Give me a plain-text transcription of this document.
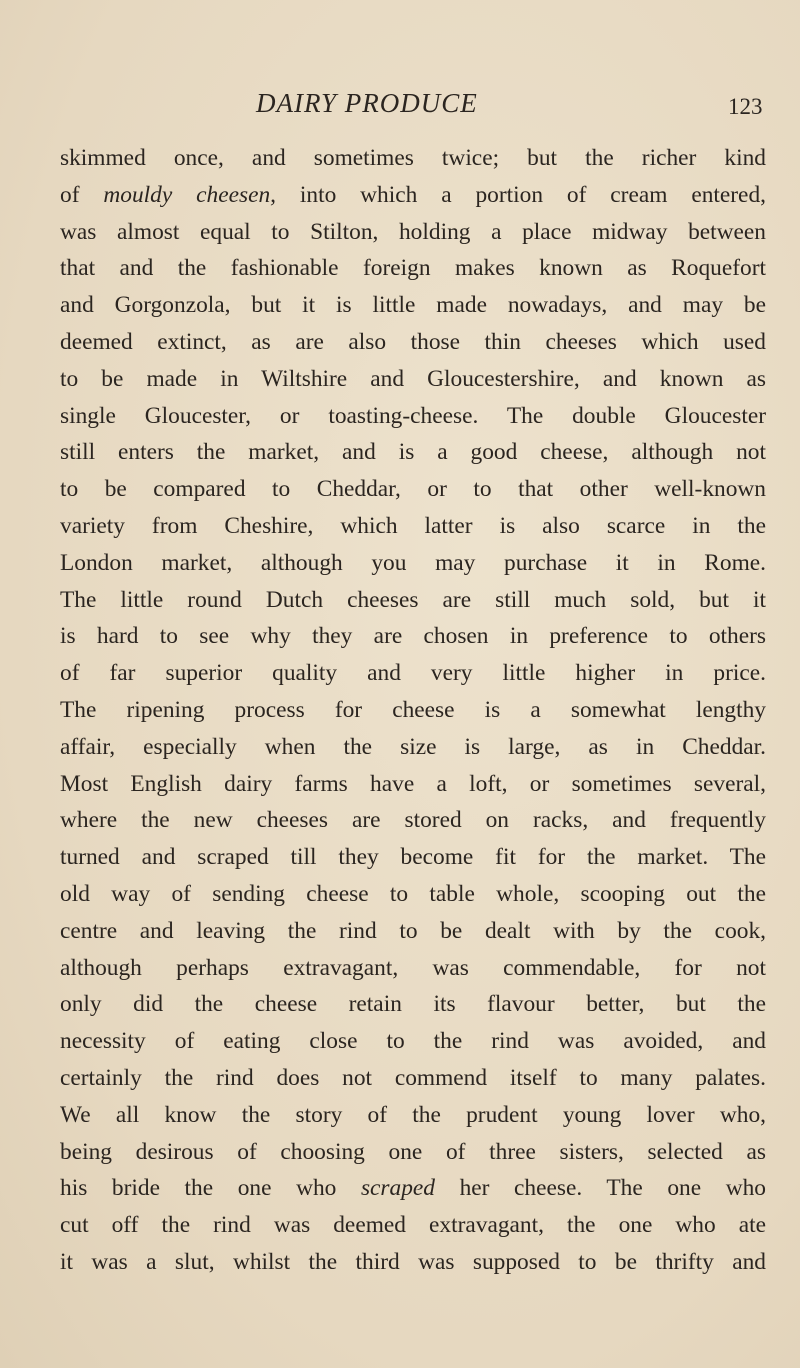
DAIRY PRODUCE	123
skimmed once, and sometimes twice; but the richer kind
of mouldy cheesen, into which a portion of cream entered,
was almost equal to Stilton, holding a place midway between
that and the fashionable foreign makes known as Roquefort
and Gorgonzola, but it is little made nowadays, and may be
deemed extinct, as are also those thin cheeses which used
to be made in Wiltshire and Gloucestershire, and known as
single Gloucester, or toasting-cheese. The double Gloucester
still enters the market, and is a good cheese, although not
to be compared to Cheddar, or to that other well-known
variety from Cheshire, which latter is also scarce in the
London market, although you may purchase it in Rome.
The little round Dutch cheeses are still much sold, but it
is hard to see why they are chosen in preference to others
of far superior quality and very little higher in price.
The ripening process for cheese is a somewhat lengthy
affair, especially when the size is large, as in Cheddar.
Most English dairy farms have a loft, or sometimes several,
where the new cheeses are stored on racks, and frequently
turned and scraped till they become fit for the market. The
old way of sending cheese to table whole, scooping out the
centre and leaving the rind to be dealt with by the cook,
although perhaps extravagant, was commendable, for not
only did the cheese retain its flavour better, but the
necessity of eating close to the rind was avoided, and
certainly the rind does not commend itself to many palates.
We all know the story of the prudent young lover who,
being desirous of choosing one of three sisters, selected as
his bride the one who scraped her cheese. The one who
cut off the rind was deemed extravagant, the one who ate
it was a slut, whilst the third was supposed to be thrifty and
